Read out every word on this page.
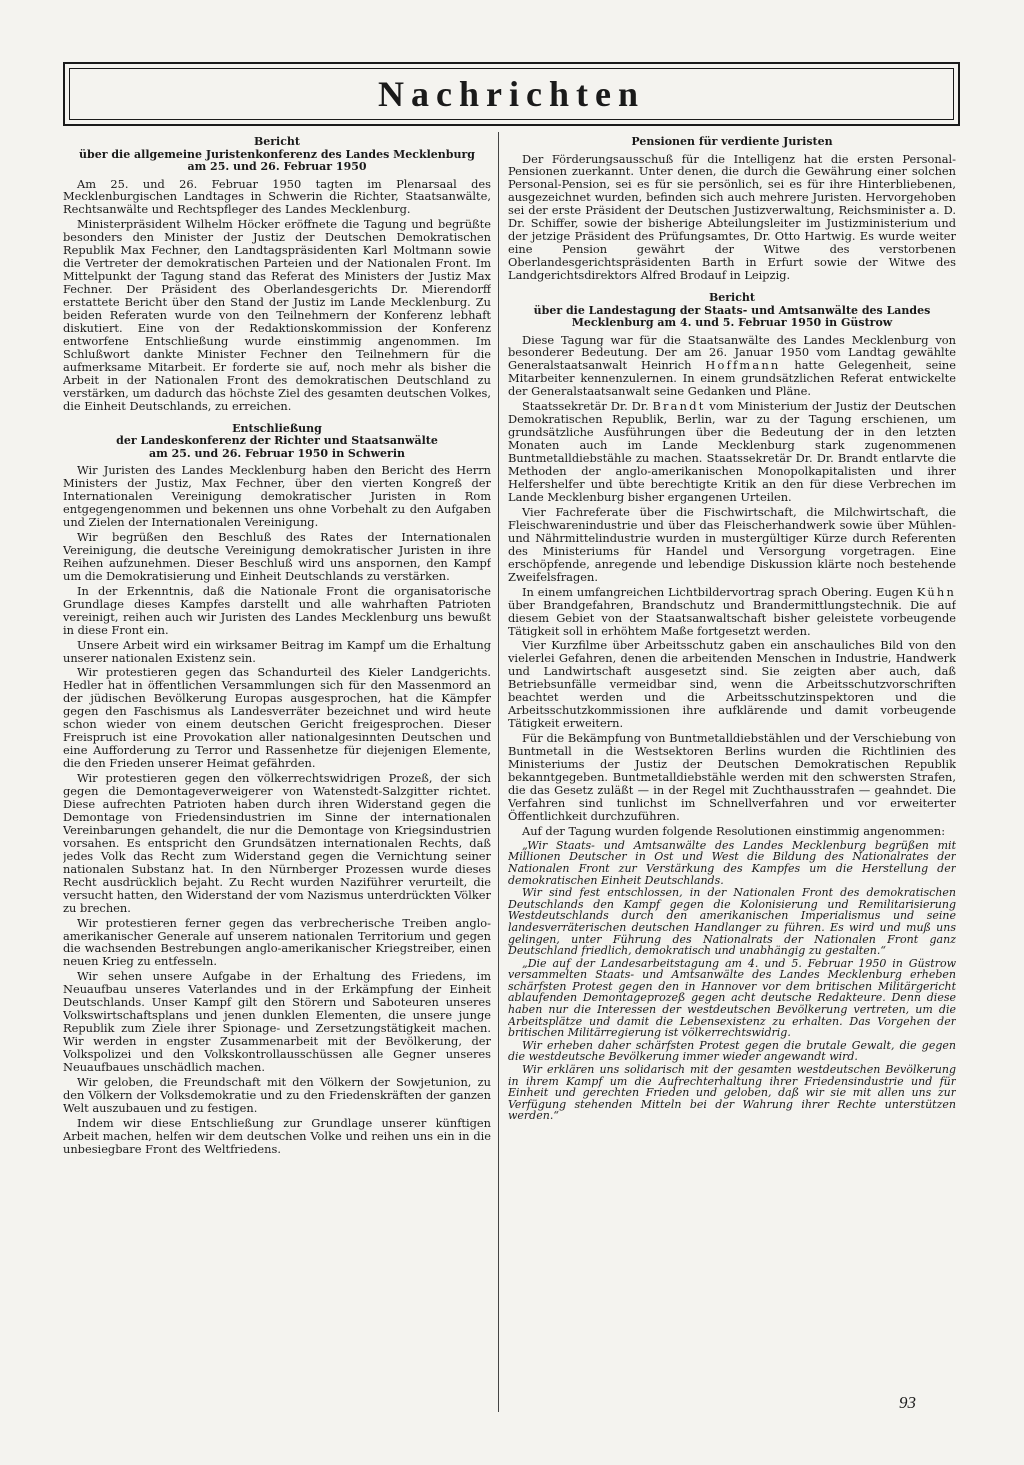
Nachrichten
Bericht
über die allgemeine Juristenkonferenz des Landes Mecklenburg
am 25. und 26. Februar 1950

Am 25. und 26. Februar 1950 tagten im Plenarsaal des Mecklenburgischen Landtages in Schwerin die Richter, Staatsanwälte, Rechtsanwälte und Rechtspfleger des Landes Mecklenburg.

Ministerpräsident Wilhelm Höcker eröffnete die Tagung und begrüßte besonders den Minister der Justiz der Deutschen Demokratischen Republik Max Fechner, den Landtagspräsidenten Karl Moltmann sowie die Vertreter der demokratischen Parteien und der Nationalen Front. Im Mittelpunkt der Tagung stand das Referat des Ministers der Justiz Max Fechner. Der Präsident des Oberlandesgerichts Dr. Mierendorff erstattete Bericht über den Stand der Justiz im Lande Mecklenburg. Zu beiden Referaten wurde von den Teilnehmern der Konferenz lebhaft diskutiert. Eine von der Redaktionskommission der Konferenz entworfene Entschließung wurde einstimmig angenommen. Im Schlußwort dankte Minister Fechner den Teilnehmern für die aufmerksame Mitarbeit. Er forderte sie auf, noch mehr als bisher die Arbeit in der Nationalen Front des demokratischen Deutschland zu verstärken, um dadurch das höchste Ziel des gesamten deutschen Volkes, die Einheit Deutschlands, zu erreichen.

Entschließung
der Landeskonferenz der Richter und Staatsanwälte
am 25. und 26. Februar 1950 in Schwerin

Wir Juristen des Landes Mecklenburg haben den Bericht des Herrn Ministers der Justiz, Max Fechner, über den vierten Kongreß der Internationalen Vereinigung demokratischer Juristen in Rom entgegengenommen und bekennen uns ohne Vorbehalt zu den Aufgaben und Zielen der Internationalen Vereinigung.

Wir begrüßen den Beschluß des Rates der Internationalen Vereinigung, die deutsche Vereinigung demokratischer Juristen in ihre Reihen aufzunehmen. Dieser Beschluß wird uns anspornen, den Kampf um die Demokratisierung und Einheit Deutschlands zu verstärken.

In der Erkenntnis, daß die Nationale Front die organisatorische Grundlage dieses Kampfes darstellt und alle wahrhaften Patrioten vereinigt, reihen auch wir Juristen des Landes Mecklenburg uns bewußt in diese Front ein.

Unsere Arbeit wird ein wirksamer Beitrag im Kampf um die Erhaltung unserer nationalen Existenz sein.

Wir protestieren gegen das Schandurteil des Kieler Landgerichts. Hedler hat in öffentlichen Versammlungen sich für den Massenmord an der jüdischen Bevölkerung Europas ausgesprochen, hat die Kämpfer gegen den Faschismus als Landesverräter bezeichnet und wird heute schon wieder von einem deutschen Gericht freigesprochen. Dieser Freispruch ist eine Provokation aller nationalgesinnten Deutschen und eine Aufforderung zu Terror und Rassenhetze für diejenigen Elemente, die den Frieden unserer Heimat gefährden.

Wir protestieren gegen den völkerrechtswidrigen Prozeß, der sich gegen die Demontageverweigerer von Watenstedt-Salzgitter richtet. Diese aufrechten Patrioten haben durch ihren Widerstand gegen die Demontage von Friedensindustrien im Sinne der internationalen Vereinbarungen gehandelt, die nur die Demontage von Kriegsindustrien vorsahen. Es entspricht den Grundsätzen internationalen Rechts, daß jedes Volk das Recht zum Widerstand gegen die Vernichtung seiner nationalen Substanz hat. In den Nürnberger Prozessen wurde dieses Recht ausdrücklich bejaht. Zu Recht wurden Naziführer verurteilt, die versucht hatten, den Widerstand der vom Nazismus unterdrückten Völker zu brechen.

Wir protestieren ferner gegen das verbrecherische Treiben anglo-amerikanischer Generale auf unserem nationalen Territorium und gegen die wachsenden Bestrebungen anglo-amerikanischer Kriegstreiber, einen neuen Krieg zu entfesseln.

Wir sehen unsere Aufgabe in der Erhaltung des Friedens, im Neuaufbau unseres Vaterlandes und in der Erkämpfung der Einheit Deutschlands. Unser Kampf gilt den Störern und Saboteuren unseres Volkswirtschaftsplans und jenen dunklen Elementen, die unsere junge Republik zum Ziele ihrer Spionage- und Zersetzungstätigkeit machen. Wir werden in engster Zusammenarbeit mit der Bevölkerung, der Volkspolizei und den Volkskontrollausschüssen alle Gegner unseres Neuaufbaues unschädlich machen.

Wir geloben, die Freundschaft mit den Völkern der Sowjetunion, zu den Völkern der Volksdemokratie und zu den Friedenskräften der ganzen Welt auszubauen und zu festigen.

Indem wir diese Entschließung zur Grundlage unserer künftigen Arbeit machen, helfen wir dem deutschen Volke und reihen uns ein in die unbesiegbare Front des Weltfriedens.

Pensionen für verdiente Juristen

Der Förderungsausschuß für die Intelligenz hat die ersten Personal-Pensionen zuerkannt. Unter denen, die durch die Gewährung einer solchen Personal-Pension, sei es für sie persönlich, sei es für ihre Hinterbliebenen, ausgezeichnet wurden, befinden sich auch mehrere Juristen. Hervorgehoben sei der erste Präsident der Deutschen Justizverwaltung, Reichsminister a. D. Dr. Schiffer, sowie der bisherige Abteilungsleiter im Justizministerium und der jetzige Präsident des Prüfungsamtes, Dr. Otto Hartwig. Es wurde weiter eine Pension gewährt der Witwe des verstorbenen Oberlandesgerichtspräsidenten Barth in Erfurt sowie der Witwe des Landgerichtsdirektors Alfred Brodauf in Leipzig.

Bericht
über die Landestagung der Staats- und Amtsanwälte des Landes
Mecklenburg am 4. und 5. Februar 1950 in Güstrow

Diese Tagung war für die Staatsanwälte des Landes Mecklenburg von besonderer Bedeutung. Der am 26. Januar 1950 vom Landtag gewählte Generalstaatsanwalt Heinrich Hoffmann hatte Gelegenheit, seine Mitarbeiter kennenzulernen. In einem grundsätzlichen Referat entwickelte der Generalstaatsanwalt seine Gedanken und Pläne.

Staatssekretär Dr. Dr. Brandt vom Ministerium der Justiz der Deutschen Demokratischen Republik, Berlin, war zu der Tagung erschienen, um grundsätzliche Ausführungen über die Bedeutung der in den letzten Monaten auch im Lande Mecklenburg stark zugenommenen Buntmetalldiebstähle zu machen. Staatssekretär Dr. Dr. Brandt entlarvte die Methoden der anglo-amerikanischen Monopolkapitalisten und ihrer Helfershelfer und übte berechtigte Kritik an den für diese Verbrechen im Lande Mecklenburg bisher ergangenen Urteilen.

Vier Fachreferate über die Fischwirtschaft, die Milchwirtschaft, die Fleischwarenindustrie und über das Fleischerhandwerk sowie über Mühlen- und Nährmittelindustrie wurden in mustergültiger Kürze durch Referenten des Ministeriums für Handel und Versorgung vorgetragen. Eine erschöpfende, anregende und lebendige Diskussion klärte noch bestehende Zweifelsfragen.

In einem umfangreichen Lichtbildervortrag sprach Obering. Eugen Kühn über Brandgefahren, Brandschutz und Brandermittlungstechnik. Die auf diesem Gebiet von der Staatsanwaltschaft bisher geleistete vorbeugende Tätigkeit soll in erhöhtem Maße fortgesetzt werden.

Vier Kurzfilme über Arbeitsschutz gaben ein anschauliches Bild von den vielerlei Gefahren, denen die arbeitenden Menschen in Industrie, Handwerk und Landwirtschaft ausgesetzt sind. Sie zeigten aber auch, daß Betriebsunfälle vermeidbar sind, wenn die Arbeitsschutzvorschriften beachtet werden und die Arbeitsschutzinspektoren und die Arbeitsschutzkommissionen ihre aufklärende und damit vorbeugende Tätigkeit erweitern.

Für die Bekämpfung von Buntmetalldiebstählen und der Verschiebung von Buntmetall in die Westsektoren Berlins wurden die Richtlinien des Ministeriums der Justiz der Deutschen Demokratischen Republik bekanntgegeben. Buntmetalldiebstähle werden mit den schwersten Strafen, die das Gesetz zuläßt — in der Regel mit Zuchthausstrafen — geahndet. Die Verfahren sind tunlichst im Schnellverfahren und vor erweiterter Öffentlichkeit durchzuführen.

Auf der Tagung wurden folgende Resolutionen einstimmig angenommen:

„Wir Staats- und Amtsanwälte des Landes Mecklenburg begrüßen mit Millionen Deutscher in Ost und West die Bildung des Nationalrates der Nationalen Front zur Verstärkung des Kampfes um die Herstellung der demokratischen Einheit Deutschlands.

Wir sind fest entschlossen, in der Nationalen Front des demokratischen Deutschlands den Kampf gegen die Kolonisierung und Remilitarisierung Westdeutschlands durch den amerikanischen Imperialismus und seine landesverräterischen deutschen Handlanger zu führen. Es wird und muß uns gelingen, unter Führung des Nationalrats der Nationalen Front ganz Deutschland friedlich, demokratisch und unabhängig zu gestalten.“

„Die auf der Landesarbeitstagung am 4. und 5. Februar 1950 in Güstrow versammelten Staats- und Amtsanwälte des Landes Mecklenburg erheben schärfsten Protest gegen den in Hannover vor dem britischen Militärgericht ablaufenden Demontageprozeß gegen acht deutsche Redakteure. Denn diese haben nur die Interessen der westdeutschen Bevölkerung vertreten, um die Arbeitsplätze und damit die Lebensexistenz zu erhalten. Das Vorgehen der britischen Militärregierung ist völkerrechtswidrig.

Wir erheben daher schärfsten Protest gegen die brutale Gewalt, die gegen die westdeutsche Bevölkerung immer wieder angewandt wird.

Wir erklären uns solidarisch mit der gesamten westdeutschen Bevölkerung in ihrem Kampf um die Aufrechterhaltung ihrer Friedensindustrie und für Einheit und gerechten Frieden und geloben, daß wir sie mit allen uns zur Verfügung stehenden Mitteln bei der Wahrung ihrer Rechte unterstützen werden.“

93
